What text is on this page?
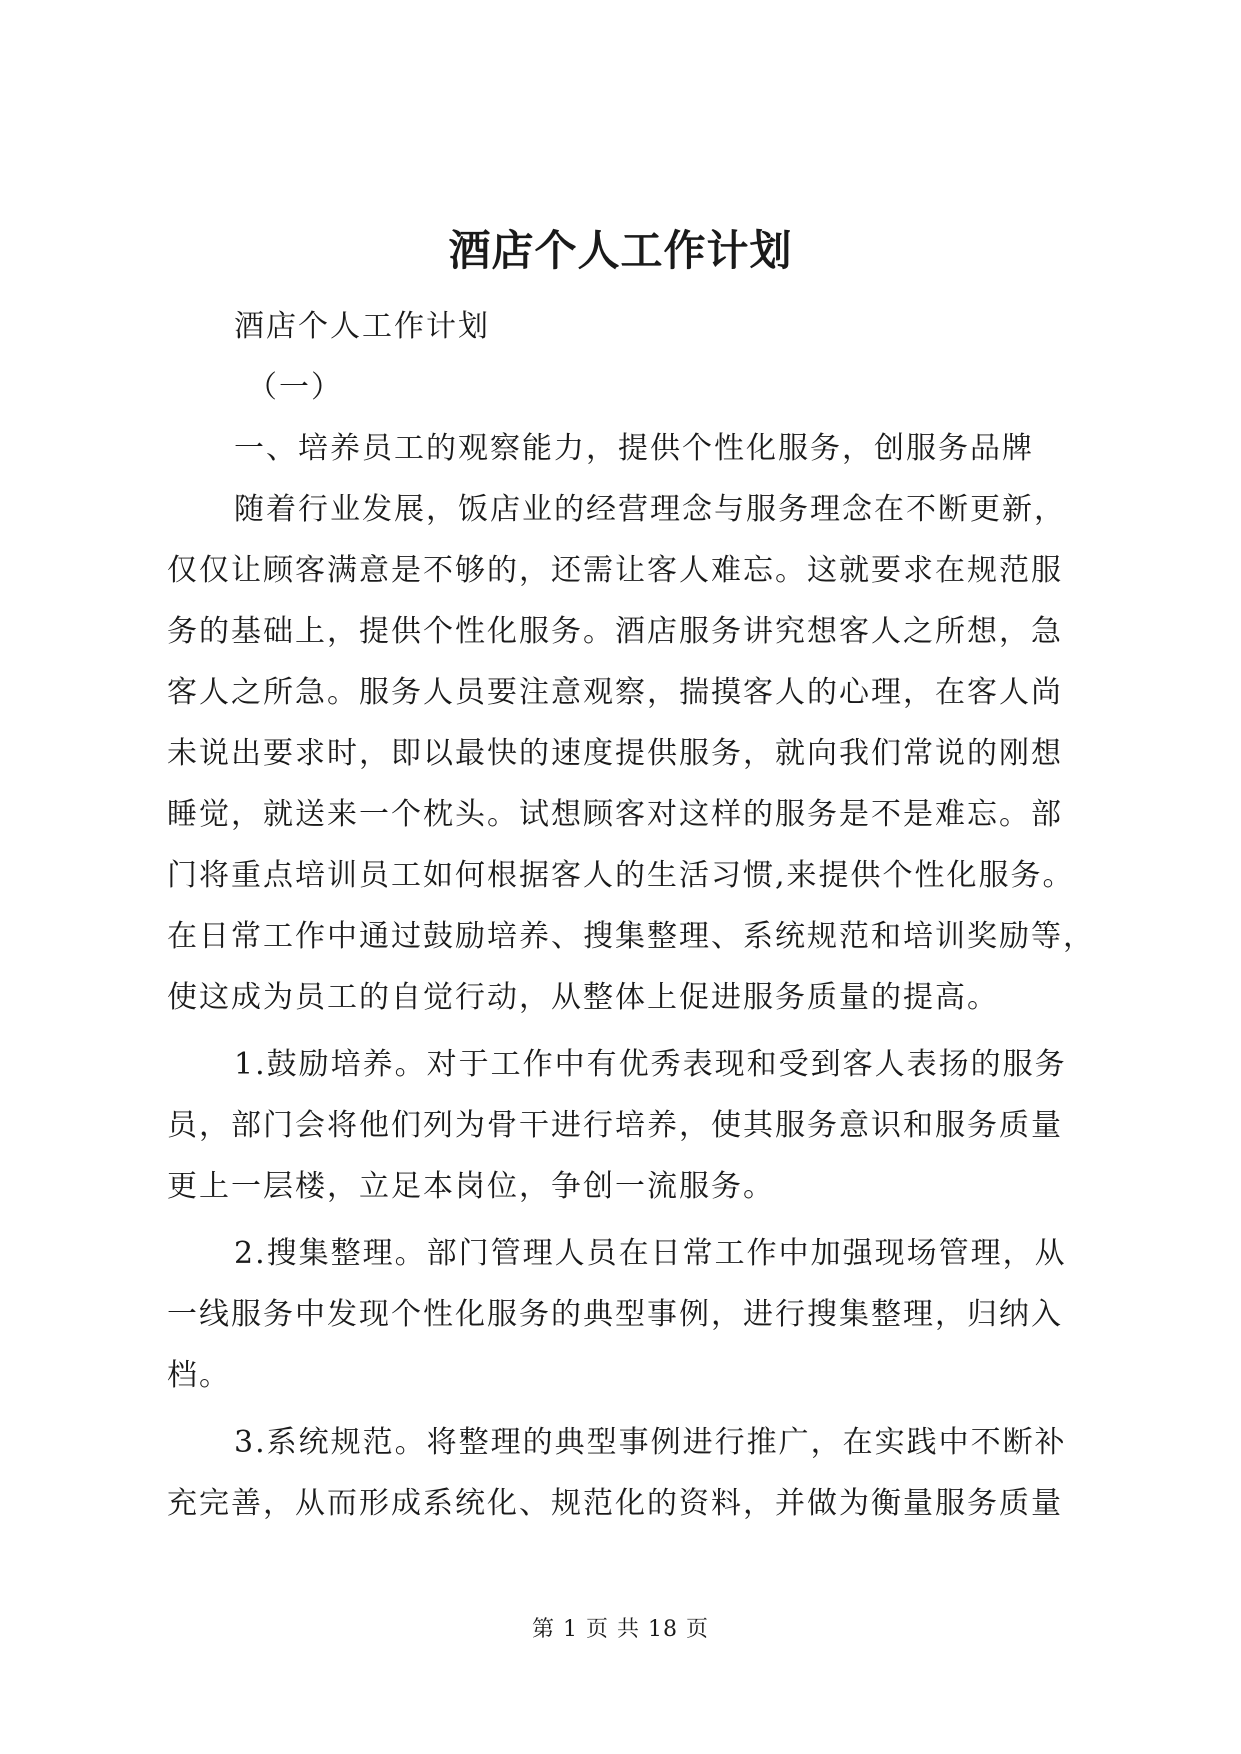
酒店个人工作计划

酒店个人工作计划

（一）

一、培养员工的观察能力，提供个性化服务，创服务品牌

随着行业发展，饭店业的经营理念与服务理念在不断更新，

仅仅让顾客满意是不够的，还需让客人难忘。这就要求在规范服

务的基础上，提供个性化服务。酒店服务讲究想客人之所想，急

客人之所急。服务人员要注意观察，揣摸客人的心理，在客人尚

未说出要求时，即以最快的速度提供服务，就向我们常说的刚想

睡觉，就送来一个枕头。试想顾客对这样的服务是不是难忘。部

门将重点培训员工如何根据客人的生活习惯,来提供个性化服务。

在日常工作中通过鼓励培养、搜集整理、系统规范和培训奖励等，

使这成为员工的自觉行动，从整体上促进服务质量的提高。

1.鼓励培养。对于工作中有优秀表现和受到客人表扬的服务

员，部门会将他们列为骨干进行培养，使其服务意识和服务质量

更上一层楼，立足本岗位，争创一流服务。

2.搜集整理。部门管理人员在日常工作中加强现场管理，从

一线服务中发现个性化服务的典型事例，进行搜集整理，归纳入

档。

3.系统规范。将整理的典型事例进行推广，在实践中不断补

充完善，从而形成系统化、规范化的资料，并做为衡量服务质量

第 1 页 共 18 页
